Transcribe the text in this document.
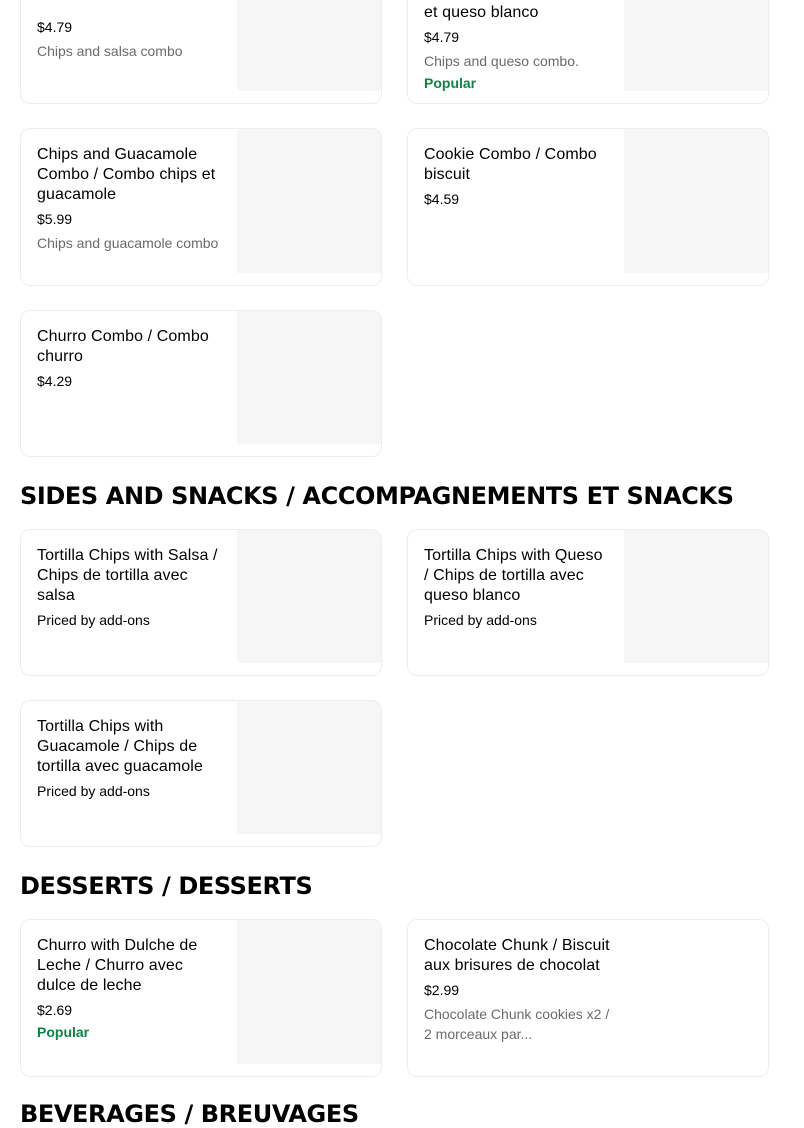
$4.79
Chips and salsa combo
et queso blanco
$4.79
Chips and queso combo.
Popular
Chips and Guacamole Combo / Combo chips et guacamole
$5.99
Chips and guacamole combo
Cookie Combo / Combo biscuit
$4.59
Churro Combo / Combo churro
$4.29
SIDES AND SNACKS / ACCOMPAGNEMENTS ET SNACKS
Tortilla Chips with Salsa / Chips de tortilla avec salsa
Priced by add-ons
Tortilla Chips with Queso / Chips de tortilla avec queso blanco
Priced by add-ons
Tortilla Chips with Guacamole / Chips de tortilla avec guacamole
Priced by add-ons
DESSERTS / DESSERTS
Churro with Dulche de Leche / Churro avec dulce de leche
$2.69
Popular
Chocolate Chunk / Biscuit aux brisures de chocolat
$2.99
Chocolate Chunk cookies x2 / 2 morceaux par...
BEVERAGES / BREUVAGES
